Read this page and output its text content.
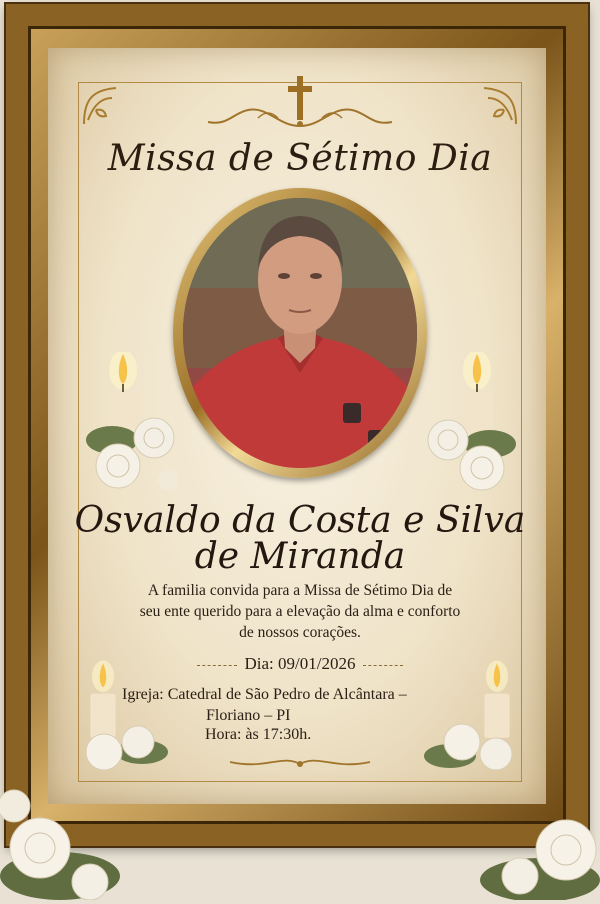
Missa de Sétimo Dia
Osvaldo da Costa e Silva
de Miranda
A familia convida para a Missa de Sétimo Dia de
seu ente querido para a elevação da alma e conforto
de nossos corações.
Dia: 09/01/2026
Igreja: Catedral de São Pedro de Alcântara –
Floriano – PI
Hora: às 17:30h.
